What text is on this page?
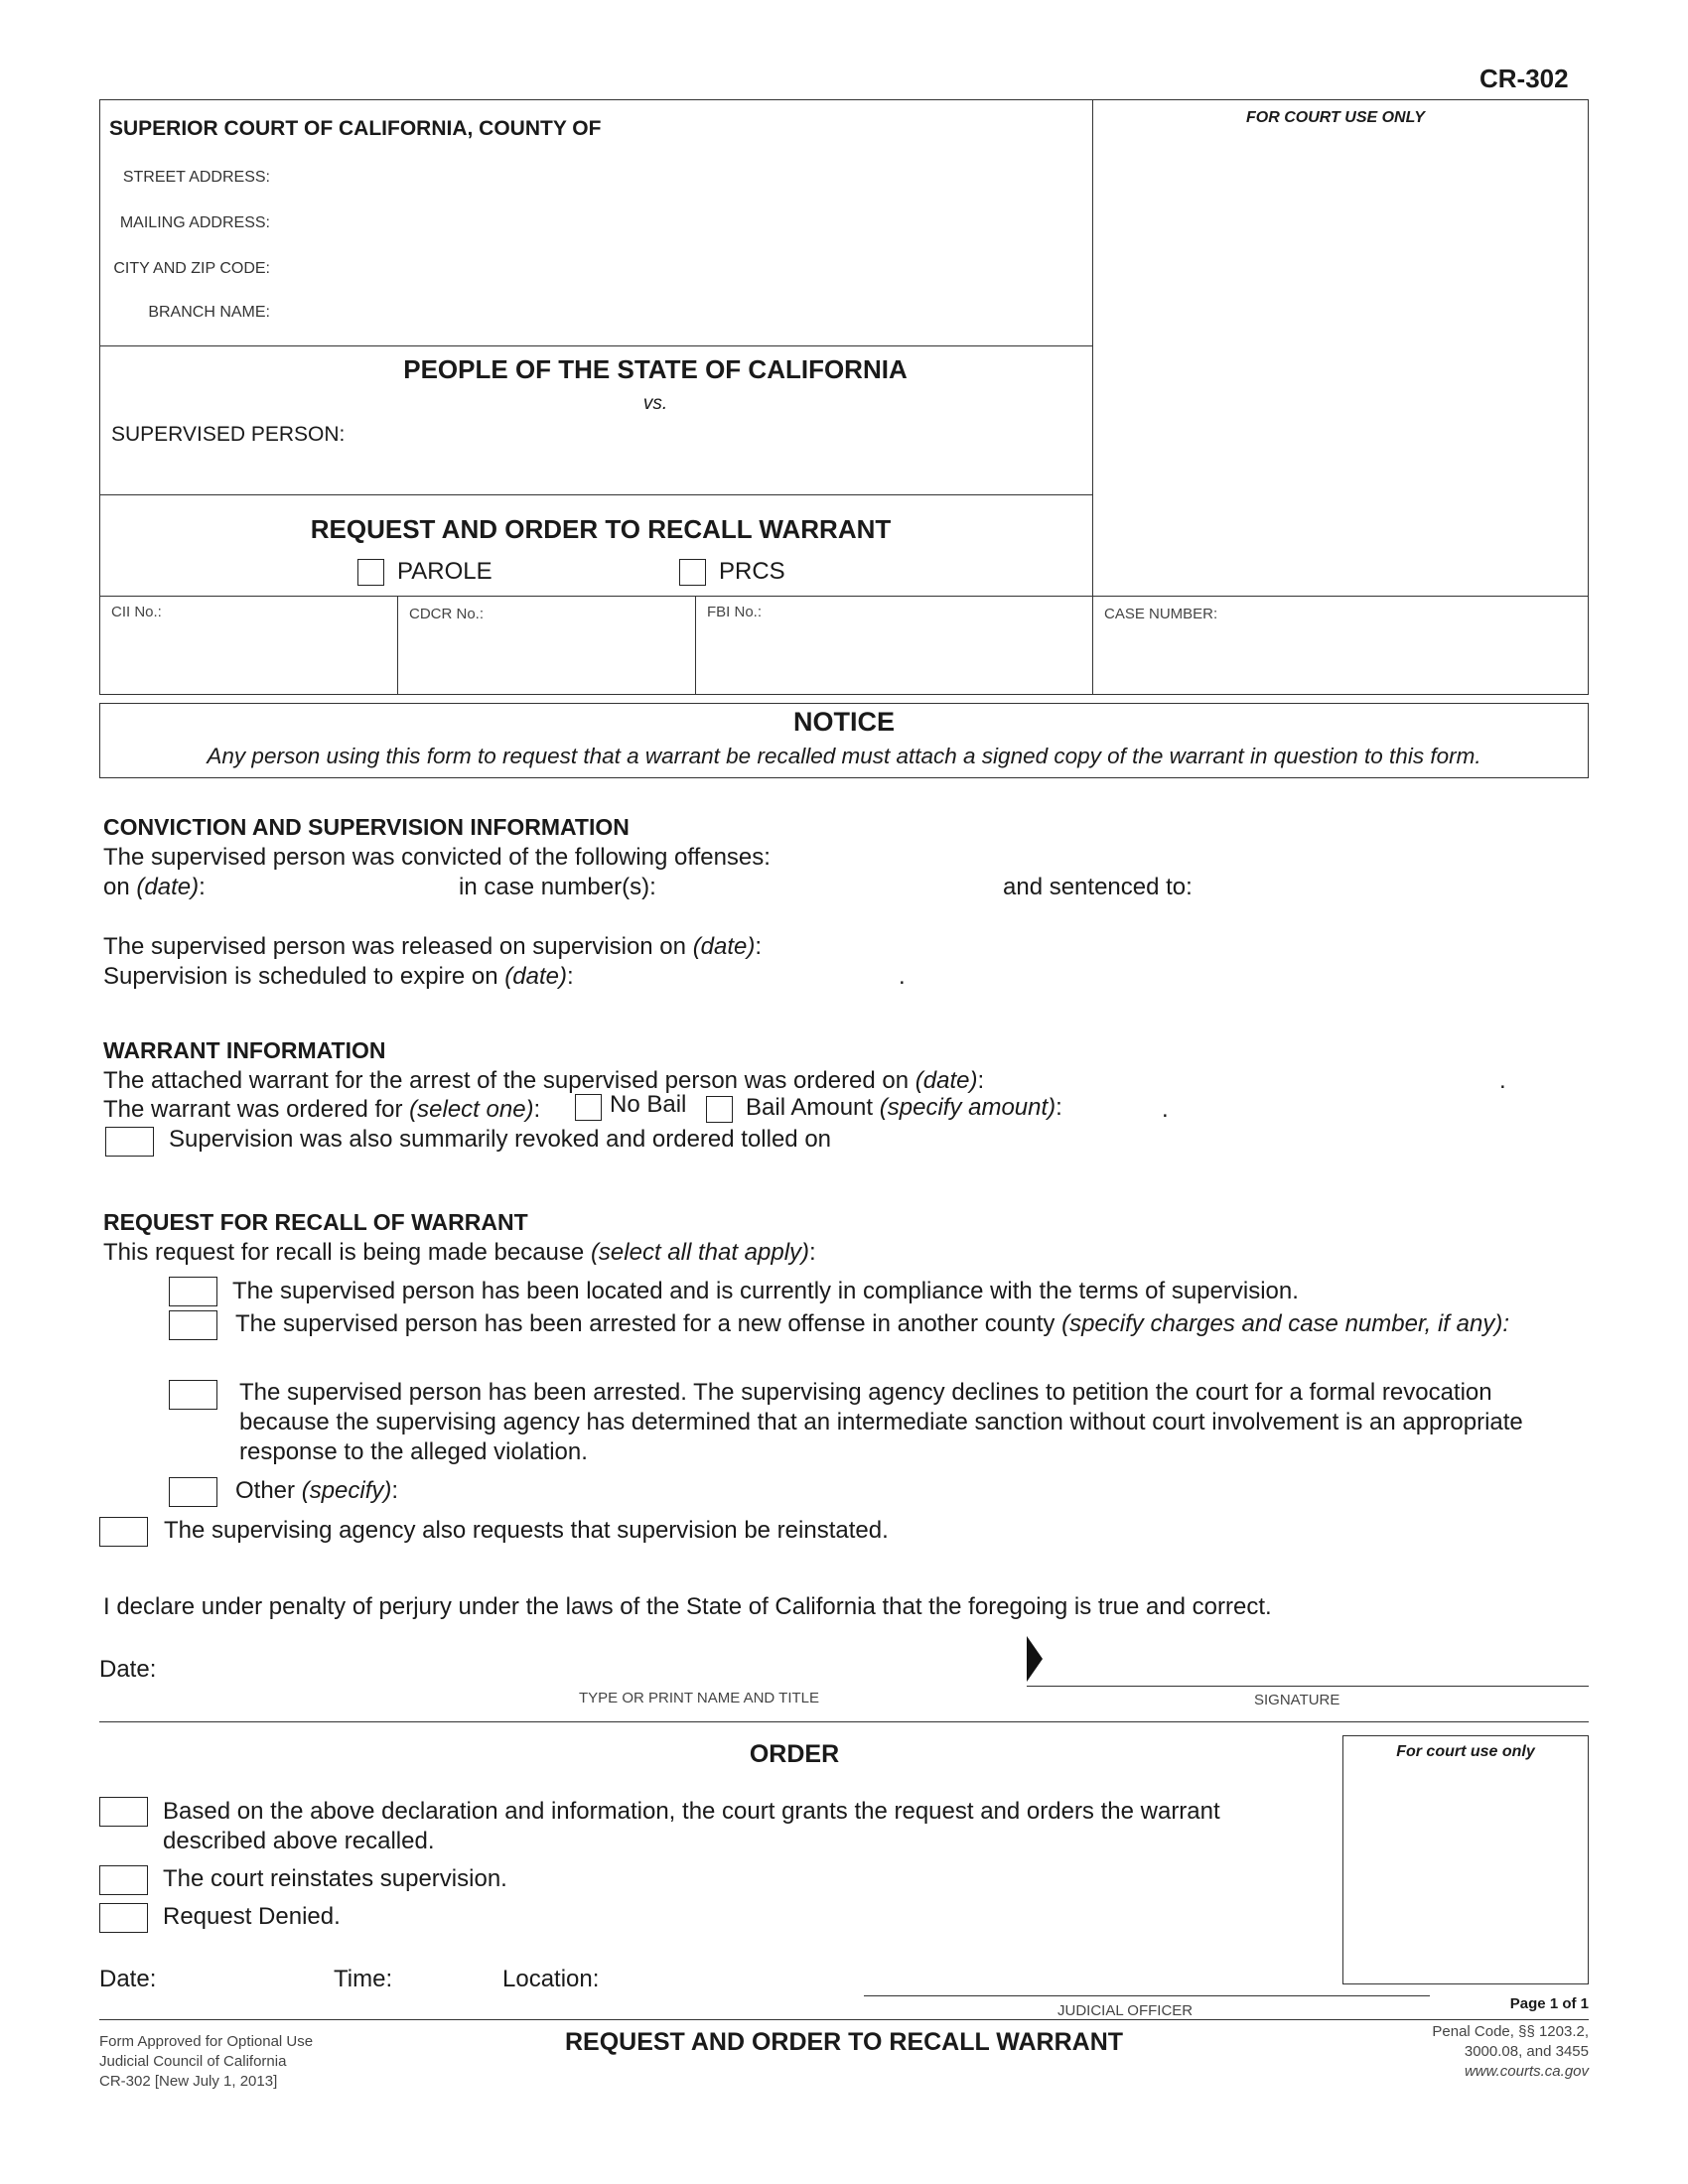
CR-302
FOR COURT USE ONLY
SUPERIOR COURT OF CALIFORNIA, COUNTY OF
STREET ADDRESS:
MAILING ADDRESS:
CITY AND ZIP CODE:
BRANCH NAME:
PEOPLE OF THE STATE OF CALIFORNIA
vs.
SUPERVISED PERSON:
REQUEST AND ORDER TO RECALL WARRANT
PAROLE	PRCS
CII No.:	CDCR No.:	FBI No.:	CASE NUMBER:
NOTICE
Any person using this form to request that a warrant be recalled must attach a signed copy of the warrant in question to this form.
CONVICTION AND SUPERVISION INFORMATION
The supervised person was convicted of the following offenses:
on (date):	in case number(s):	and sentenced to:
The supervised person was released on supervision on (date):
Supervision is scheduled to expire on (date):	.
WARRANT INFORMATION
The attached warrant for the arrest of the supervised person was ordered on (date):	.
The warrant was ordered for (select one):	No Bail Bail Amount (specify amount):	.
Supervision was also summarily revoked and ordered tolled on
REQUEST FOR RECALL OF WARRANT
This request for recall is being made because (select all that apply):
The supervised person has been located and is currently in compliance with the terms of supervision.
The supervised person has been arrested for a new offense in another county (specify charges and case number, if any):
The supervised person has been arrested. The supervising agency declines to petition the court for a formal revocation
because the supervising agency has determined that an intermediate sanction without court involvement is an appropriate
response to the alleged violation.
Other (specify):
The supervising agency also requests that supervision be reinstated.
I declare under penalty of perjury under the laws of the State of California that the foregoing is true and correct.
Date:
TYPE OR PRINT NAME AND TITLE	SIGNATURE
ORDER	For court use only
Based on the above declaration and information, the court grants the request and orders the warrant
described above recalled.
The court reinstates supervision.
Request Denied.
Date:	Time:	Location:
JUDICIAL OFFICER	Page 1 of 1
Form Approved for Optional Use
Judicial Council of California
CR-302 [New July 1, 2013]
REQUEST AND ORDER TO RECALL WARRANT	Penal Code, §§ 1203.2,
3000.08, and 3455
www.courts.ca.gov
